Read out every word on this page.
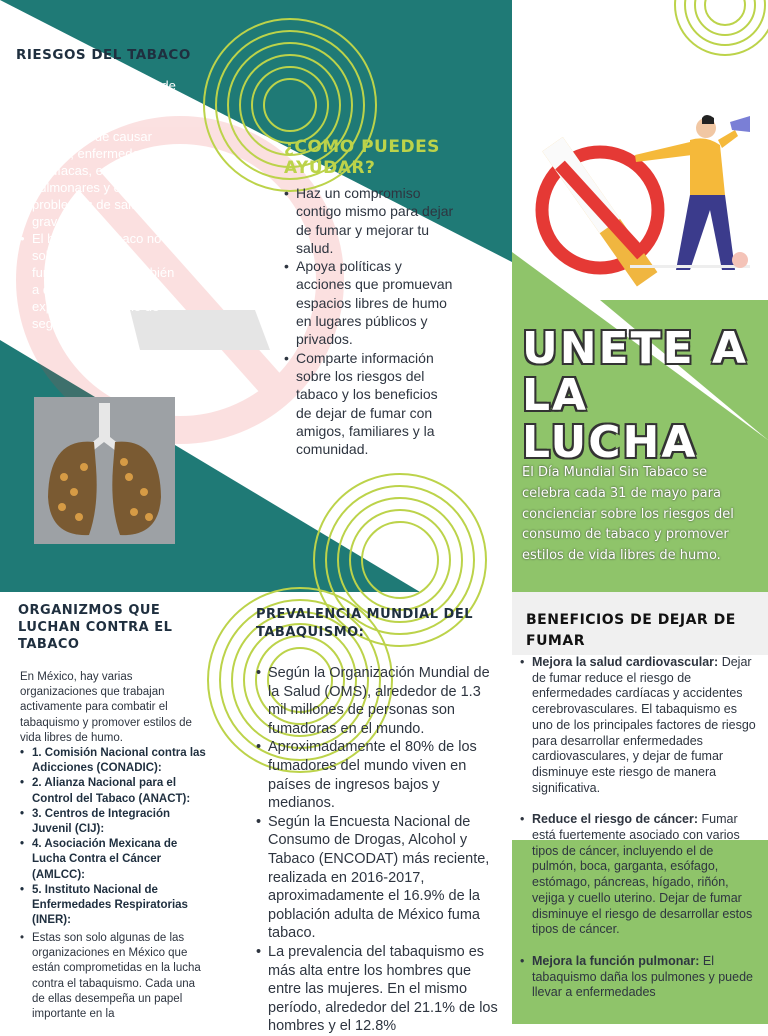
RIESGOS DEL TABACO
• El tabaco mata a más de 8 millones de personas cada año.
• Fumar puede causar cáncer, enfermedades cardíacas, enfermedades pulmonares y otros problemas de salud graves.
• El humo del tabaco no solo afecta a los fumadores, sino también a quienes están expuestos al humo de segunda mano.
¿COMO PUEDES AYUDAR?
• Haz un compromiso contigo mismo para dejar de fumar y mejorar tu salud.
• Apoya políticas y acciones que promuevan espacios libres de humo en lugares públicos y privados.
• Comparte información sobre los riesgos del tabaco y los beneficios de dejar de fumar con amigos, familiares y la comunidad.
UNETE A
LA
LUCHA

El Día Mundial Sin Tabaco se celebra cada 31 de mayo para concienciar sobre los riesgos del consumo de tabaco y promover estilos de vida libres de humo.

ORGANIZMOS QUE LUCHAN CONTRA EL TABACO

En México, hay varias organizaciones que trabajan activamente para combatir el tabaquismo y promover estilos de vida libres de humo.

• 1. Comisión Nacional contra las Adicciones (CONADIC):
• 2. Alianza Nacional para el Control del Tabaco (ANACT):
• 3. Centros de Integración Juvenil (CIJ):
• 4. Asociación Mexicana de Lucha Contra el Cáncer (AMLCC):
• 5. Instituto Nacional de Enfermedades Respiratorias (INER):
• Estas son solo algunas de las organizaciones en México que están comprometidas en la lucha contra el tabaquismo. Cada una de ellas desempeña un papel importante en la
PREVALENCIA MUNDIAL DEL TABAQUISMO:
• Según la Organización Mundial de la Salud (OMS), alrededor de 1.3 mil millones de personas son fumadoras en el mundo.
• Aproximadamente el 80% de los fumadores del mundo viven en países de ingresos bajos y medianos.
• Según la Encuesta Nacional de Consumo de Drogas, Alcohol y Tabaco (ENCODAT) más reciente, realizada en 2016-2017, aproximadamente el 16.9% de la población adulta de México fuma tabaco.
• La prevalencia del tabaquismo es más alta entre los hombres que entre las mujeres. En el mismo período, alrededor del 21.1% de los hombres y el 12.8%
BENEFICIOS DE DEJAR DE FUMAR
• Mejora la salud cardiovascular: Dejar de fumar reduce el riesgo de enfermedades cardíacas y accidentes cerebrovasculares. El tabaquismo es uno de los principales factores de riesgo para desarrollar enfermedades cardiovasculares, y dejar de fumar disminuye este riesgo de manera significativa.
• Reduce el riesgo de cáncer: Fumar está fuertemente asociado con varios tipos de cáncer, incluyendo el de pulmón, boca, garganta, esófago, estómago, páncreas, hígado, riñón, vejiga y cuello uterino. Dejar de fumar disminuye el riesgo de desarrollar estos tipos de cáncer.
• Mejora la función pulmonar: El tabaquismo daña los pulmones y puede llevar a enfermedades
